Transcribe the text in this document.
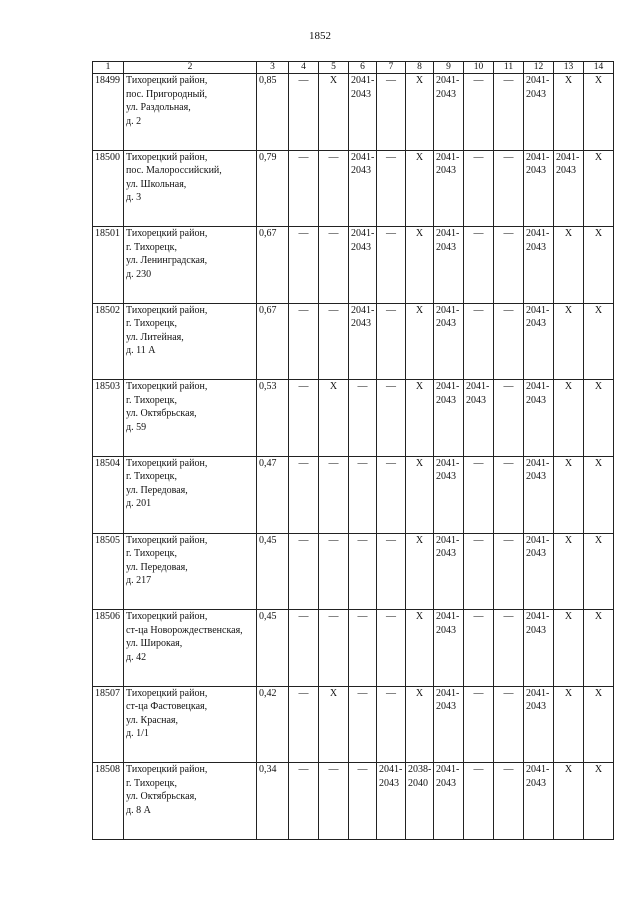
1852
1	2	3	4	5	6	7	8	9	10	11	12	13	14
18499	Тихорецкий район,
пос. Пригородный,
ул. Раздольная,
д. 2	0,85	—	X	2041-
2043	—	X	2041-
2043	—	—	2041-
2043	X	X
18500	Тихорецкий район,
пос. Малороссийский,
ул. Школьная,
д. 3	0,79	—	—	2041-
2043	—	X	2041-
2043	—	—	2041-
2043	2041-
2043	X
18501	Тихорецкий район,
г. Тихорецк,
ул. Ленинградская,
д. 230	0,67	—	—	2041-
2043	—	X	2041-
2043	—	—	2041-
2043	X	X
18502	Тихорецкий район,
г. Тихорецк,
ул. Литейная,
д. 11 А	0,67	—	—	2041-
2043	—	X	2041-
2043	—	—	2041-
2043	X	X
18503	Тихорецкий район,
г. Тихорецк,
ул. Октябрьская,
д. 59	0,53	—	X	—	—	X	2041-
2043	2041-
2043	—	2041-
2043	X	X
18504	Тихорецкий район,
г. Тихорецк,
ул. Передовая,
д. 201	0,47	—	—	—	—	X	2041-
2043	—	—	2041-
2043	X	X
18505	Тихорецкий район,
г. Тихорецк,
ул. Передовая,
д. 217	0,45	—	—	—	—	X	2041-
2043	—	—	2041-
2043	X	X
18506	Тихорецкий район,
ст-ца Новорождественская,
ул. Широкая,
д. 42	0,45	—	—	—	—	X	2041-
2043	—	—	2041-
2043	X	X
18507	Тихорецкий район,
ст-ца Фастовецкая,
ул. Красная,
д. 1/1	0,42	—	X	—	—	X	2041-
2043	—	—	2041-
2043	X	X
18508	Тихорецкий район,
г. Тихорецк,
ул. Октябрьская,
д. 8 А	0,34	—	—	—	2041-
2043	2038-
2040	2041-
2043	—	—	2041-
2043	X	X
